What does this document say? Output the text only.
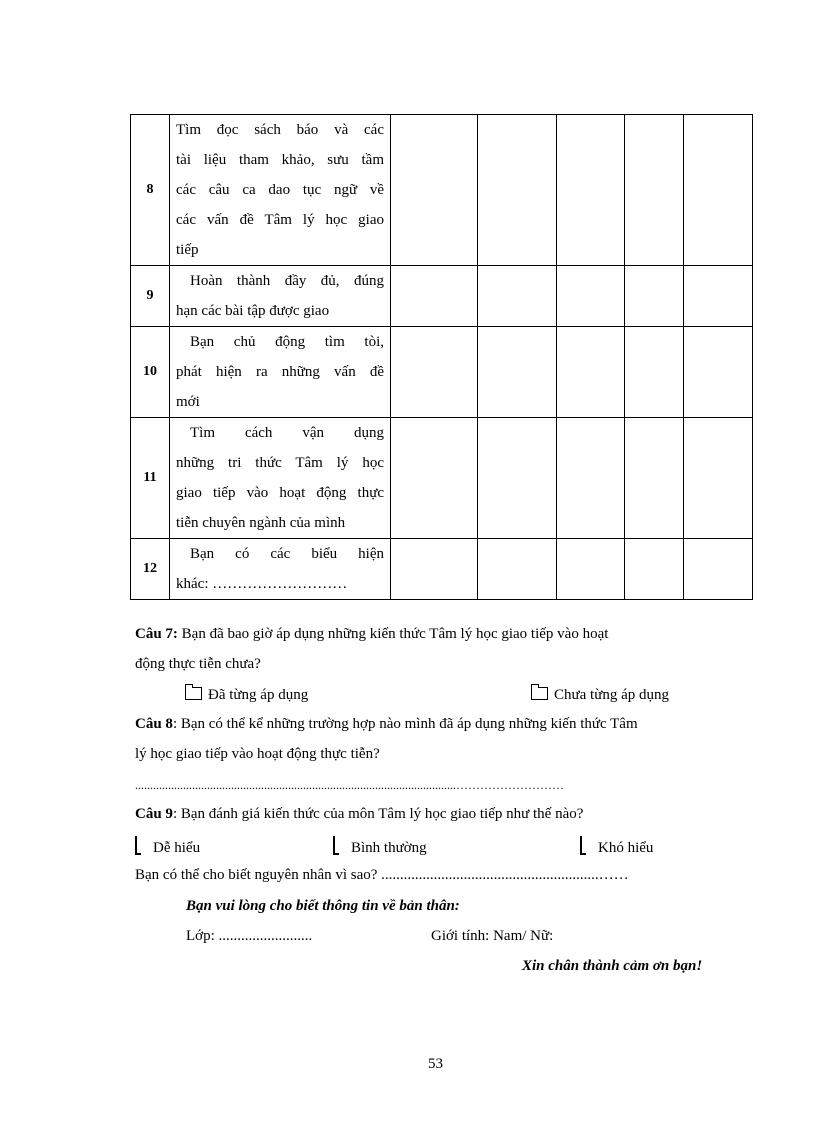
8	Tìm đọc sách báo và các
tài liệu tham khảo, sưu tầm
các câu ca dao tục ngữ về
các vấn đề Tâm lý học giao
tiếp					

9	Hoàn thành đầy đủ, đúng
hạn các bài tập được giao					

10	Bạn chủ động tìm tòi,
phát hiện ra những vấn đề
mới					

11	Tìm cách vận dụng
những tri thức Tâm lý học
giao tiếp vào hoạt động thực
tiễn chuyên ngành của mình					

12	Bạn có các biểu hiện
khác: ………………………					

Câu 7: Bạn đã bao giờ áp dụng những kiến thức Tâm lý học giao tiếp vào hoạt
động thực tiễn chưa?
Đã từng áp dụng	Chưa từng áp dụng
Câu 8: Bạn có thể kể những trường hợp nào mình đã áp dụng những kiến thức Tâm
lý học giao tiếp vào hoạt động thực tiễn?
...........................................................................................................………………………
Câu 9: Bạn đánh giá kiến thức của môn Tâm lý học giao tiếp như thế nào?
Dễ hiểu	Bình thường	Khó hiểu
Bạn có thể cho biết nguyên nhân vì sao? ..........................................................……
Bạn vui lòng cho biết thông tin về bản thân:
Lớp: .........................	Giới tính: Nam/ Nữ:
Xin chân thành cảm ơn bạn!
53
